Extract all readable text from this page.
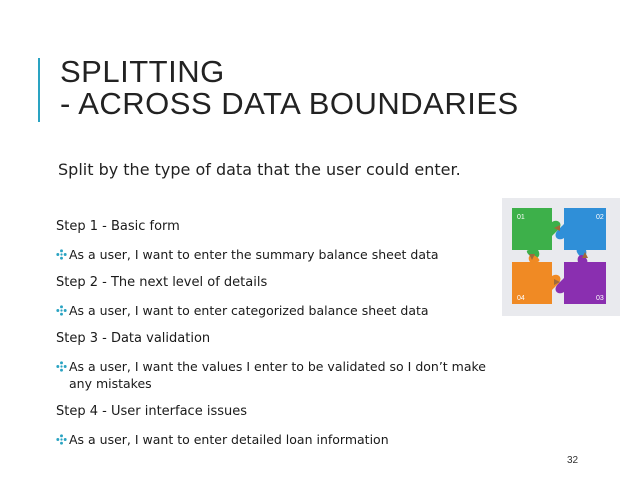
SPLITTING
- ACROSS DATA BOUNDARIES
Split by the type of data that the user could enter.
Step 1 - Basic form
As a user, I want to enter the summary balance sheet data
Step 2 - The next level of details
As a user, I want to enter categorized balance sheet data
Step 3 - Data validation
As a user, I want the values I enter to be validated so I don’t make
any mistakes
Step 4 - User interface issues
As a user, I want to enter detailed loan information
01	02
04	03
32
